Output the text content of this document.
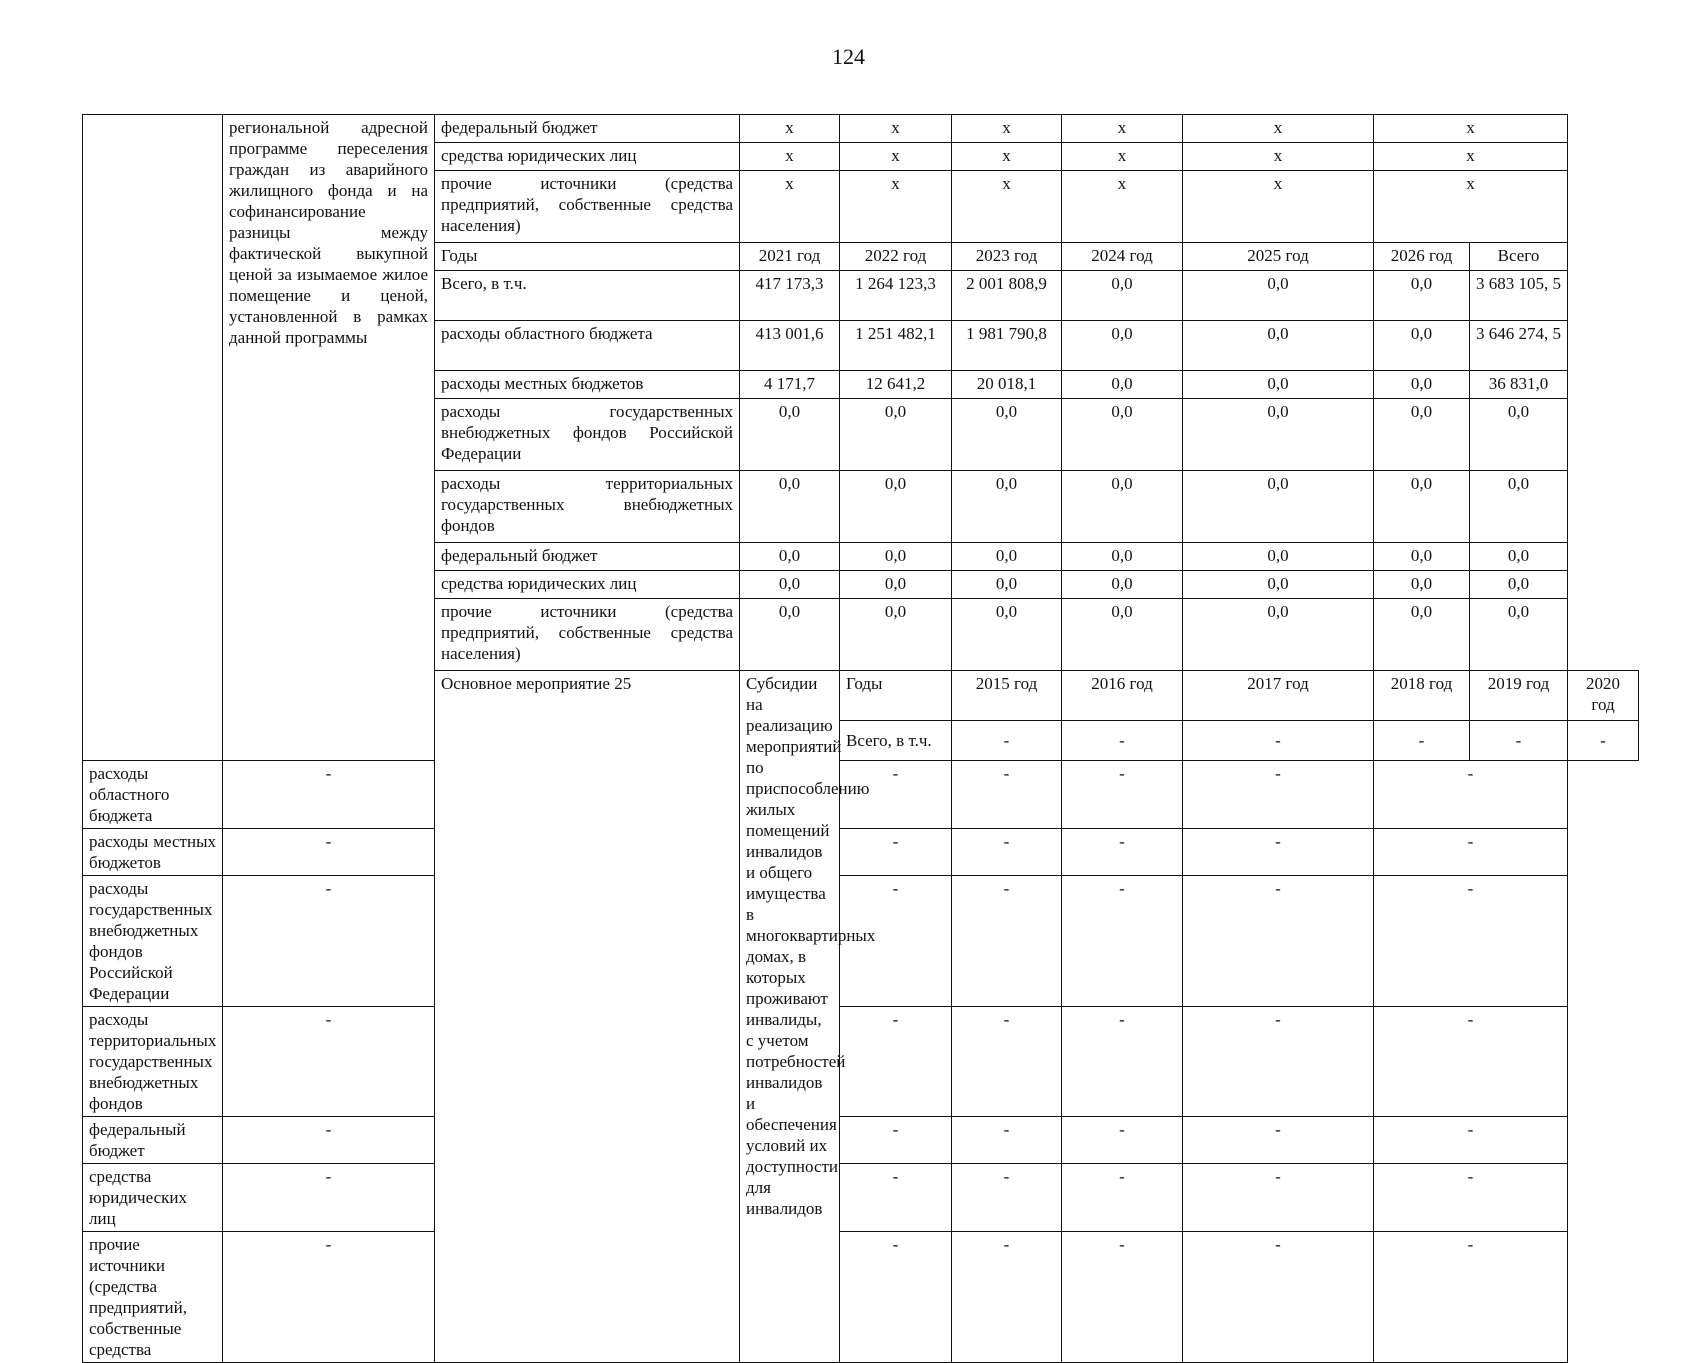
124
	региональной адресной программе переселения граждан из аварийного жилищного фонда и на софинансирование разницы между фактической выкупной ценой за изымаемое жилое помещение и ценой, установленной в рамках данной программы	федеральный бюджет	х	х	х	х	х	х		
		средства юридических лиц	х	х	х	х	х	х		
		прочие источники (средства предприятий, собственные средства населения)	х	х	х	х	х	х		
		Годы	2021 год	2022 год	2023 год	2024 год	2025 год	2026 год	Всего	
		Всего, в т.ч.	417 173,3	1 264 123,3	2 001 808,9	0,0	0,0	0,0	3 683 105, 5	
		расходы областного бюджета	413 001,6	1 251 482,1	1 981 790,8	0,0	0,0	0,0	3 646 274, 5	
		расходы местных бюджетов	4 171,7	12 641,2	20 018,1	0,0	0,0	0,0	36 831,0	
		расходы государственных внебюджетных фондов Российской Федерации	0,0	0,0	0,0	0,0	0,0	0,0	0,0	
		расходы территориальных государственных внебюджетных фондов	0,0	0,0	0,0	0,0	0,0	0,0	0,0	
		федеральный бюджет	0,0	0,0	0,0	0,0	0,0	0,0	0,0	
		средства юридических лиц	0,0	0,0	0,0	0,0	0,0	0,0	0,0	
		прочие источники (средства предприятий, собственные средства населения)	0,0	0,0	0,0	0,0	0,0	0,0	0,0	
		Основное мероприятие 25	Субсидии на реализацию мероприятий по приспособлению жилых помещений инвалидов и общего имущества в многоквартирных домах, в которых проживают инвалиды, с учетом потребностей инвалидов и обеспечения условий их доступности для инвалидов	Годы	2015 год	2016 год	2017 год	2018 год	2019 год	2020 год
				Всего, в т.ч.	-	-	-	-	-	-
расходы областного бюджета	-			-	-	-	-	-		
расходы местных бюджетов	-			-	-	-	-	-		
расходы государственных внебюджетных фондов Российской Федерации	-			-	-	-	-	-		
расходы территориальных государственных внебюджетных фондов	-			-	-	-	-	-		
федеральный бюджет	-			-	-	-	-	-		
средства юридических лиц	-			-	-	-	-	-		
прочие источники (средства предприятий, собственные средства	-			-	-	-	-	-		
